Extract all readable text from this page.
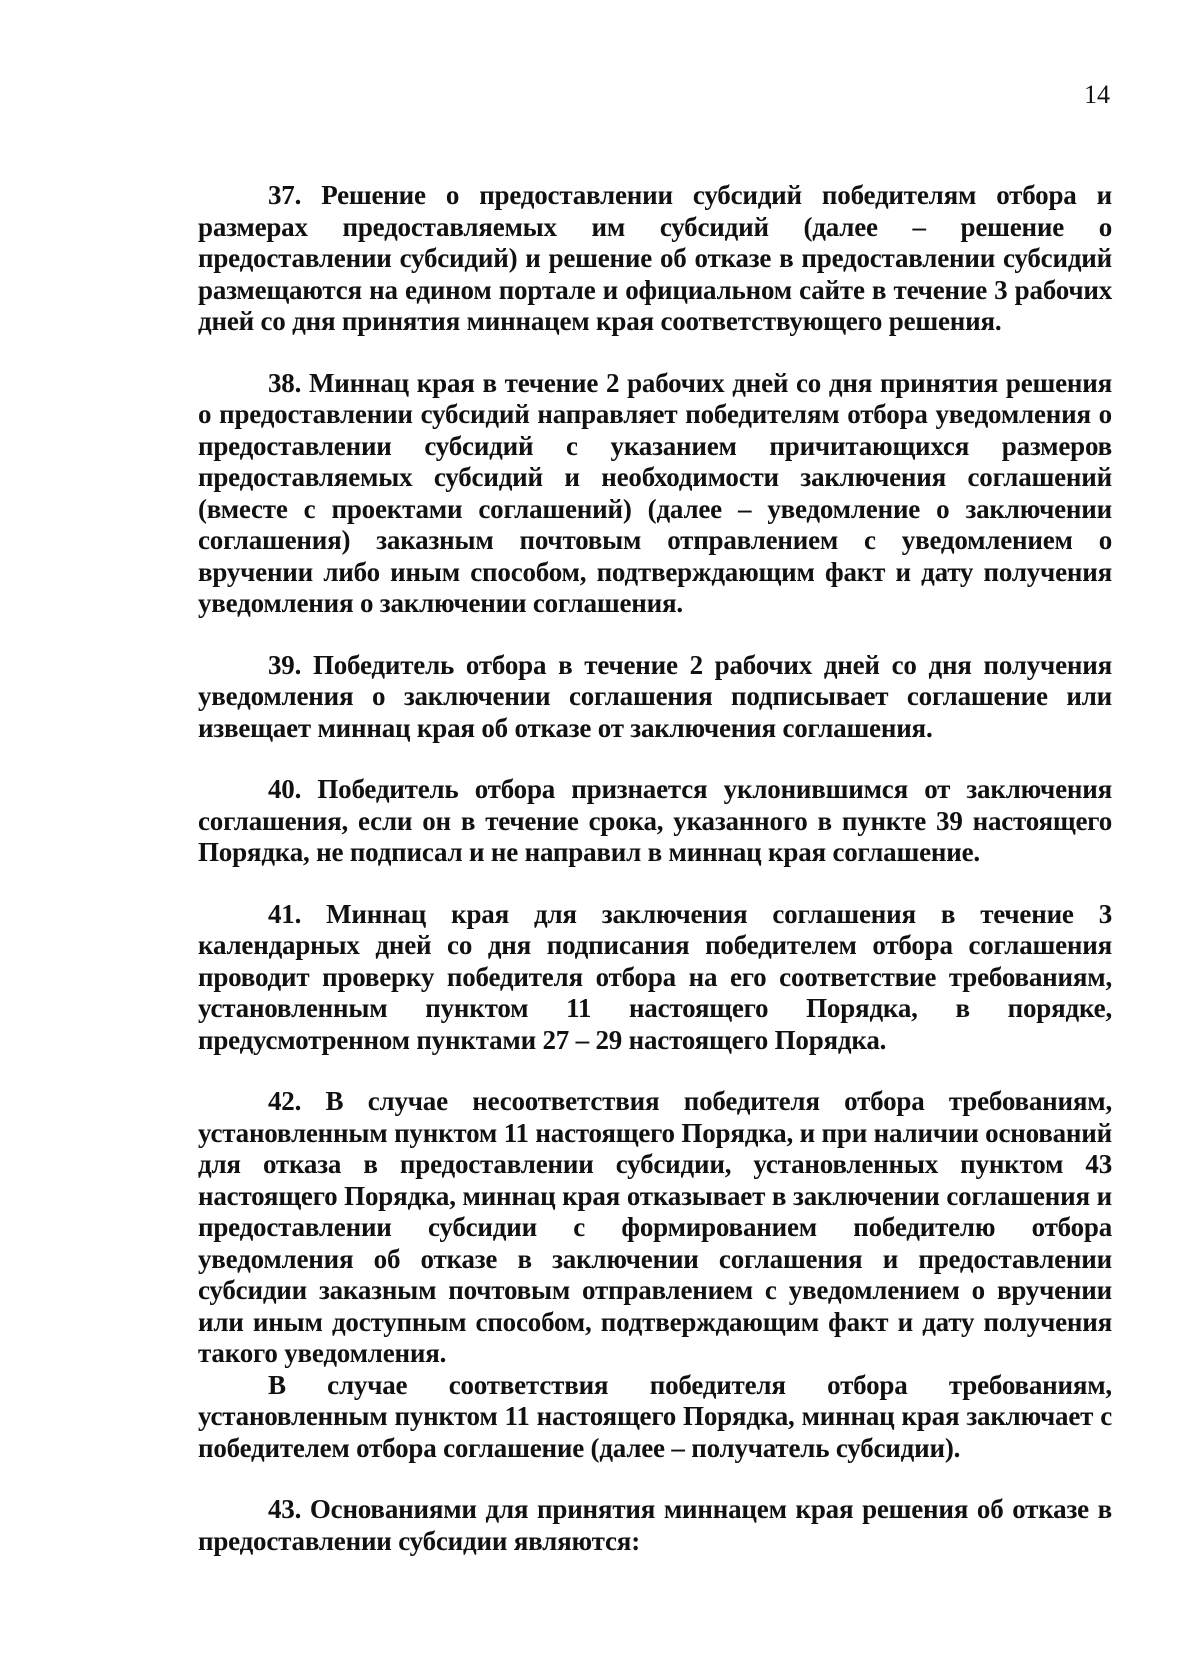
14

37. Решение о предоставлении субсидий победителям отбора и размерах предоставляемых им субсидий (далее – решение о предоставлении субсидий) и решение об отказе в предоставлении субсидий размещаются на едином портале и официальном сайте в течение 3 рабочих дней со дня принятия миннацем края соответствующего решения.

38. Миннац края в течение 2 рабочих дней со дня принятия решения о предоставлении субсидий направляет победителям отбора уведомления о предоставлении субсидий с указанием причитающихся размеров предоставляемых субсидий и необходимости заключения соглашений (вместе с проектами соглашений) (далее – уведомление о заключении соглашения) заказным почтовым отправлением с уведомлением о вручении либо иным способом, подтверждающим факт и дату получения уведомления о заключении соглашения.

39. Победитель отбора в течение 2 рабочих дней со дня получения уведомления о заключении соглашения подписывает соглашение или извещает миннац края об отказе от заключения соглашения.

40. Победитель отбора признается уклонившимся от заключения соглашения, если он в течение срока, указанного в пункте 39 настоящего Порядка, не подписал и не направил в миннац края соглашение.

41. Миннац края для заключения соглашения в течение 3 календарных дней со дня подписания победителем отбора соглашения проводит проверку победителя отбора на его соответствие требованиям, установленным пунктом 11 настоящего Порядка, в порядке, предусмотренном пунктами 27 – 29 настоящего Порядка.

42. В случае несоответствия победителя отбора требованиям, установленным пунктом 11 настоящего Порядка, и при наличии оснований для отказа в предоставлении субсидии, установленных пунктом 43 настоящего Порядка, миннац края отказывает в заключении соглашения и предоставлении субсидии с формированием победителю отбора уведомления об отказе в заключении соглашения и предоставлении субсидии заказным почтовым отправлением с уведомлением о вручении или иным доступным способом, подтверждающим факт и дату получения такого уведомления.

В случае соответствия победителя отбора требованиям, установленным пунктом 11 настоящего Порядка, миннац края заключает с победителем отбора соглашение (далее – получатель субсидии).

43. Основаниями для принятия миннацем края решения об отказе в предоставлении субсидии являются:
